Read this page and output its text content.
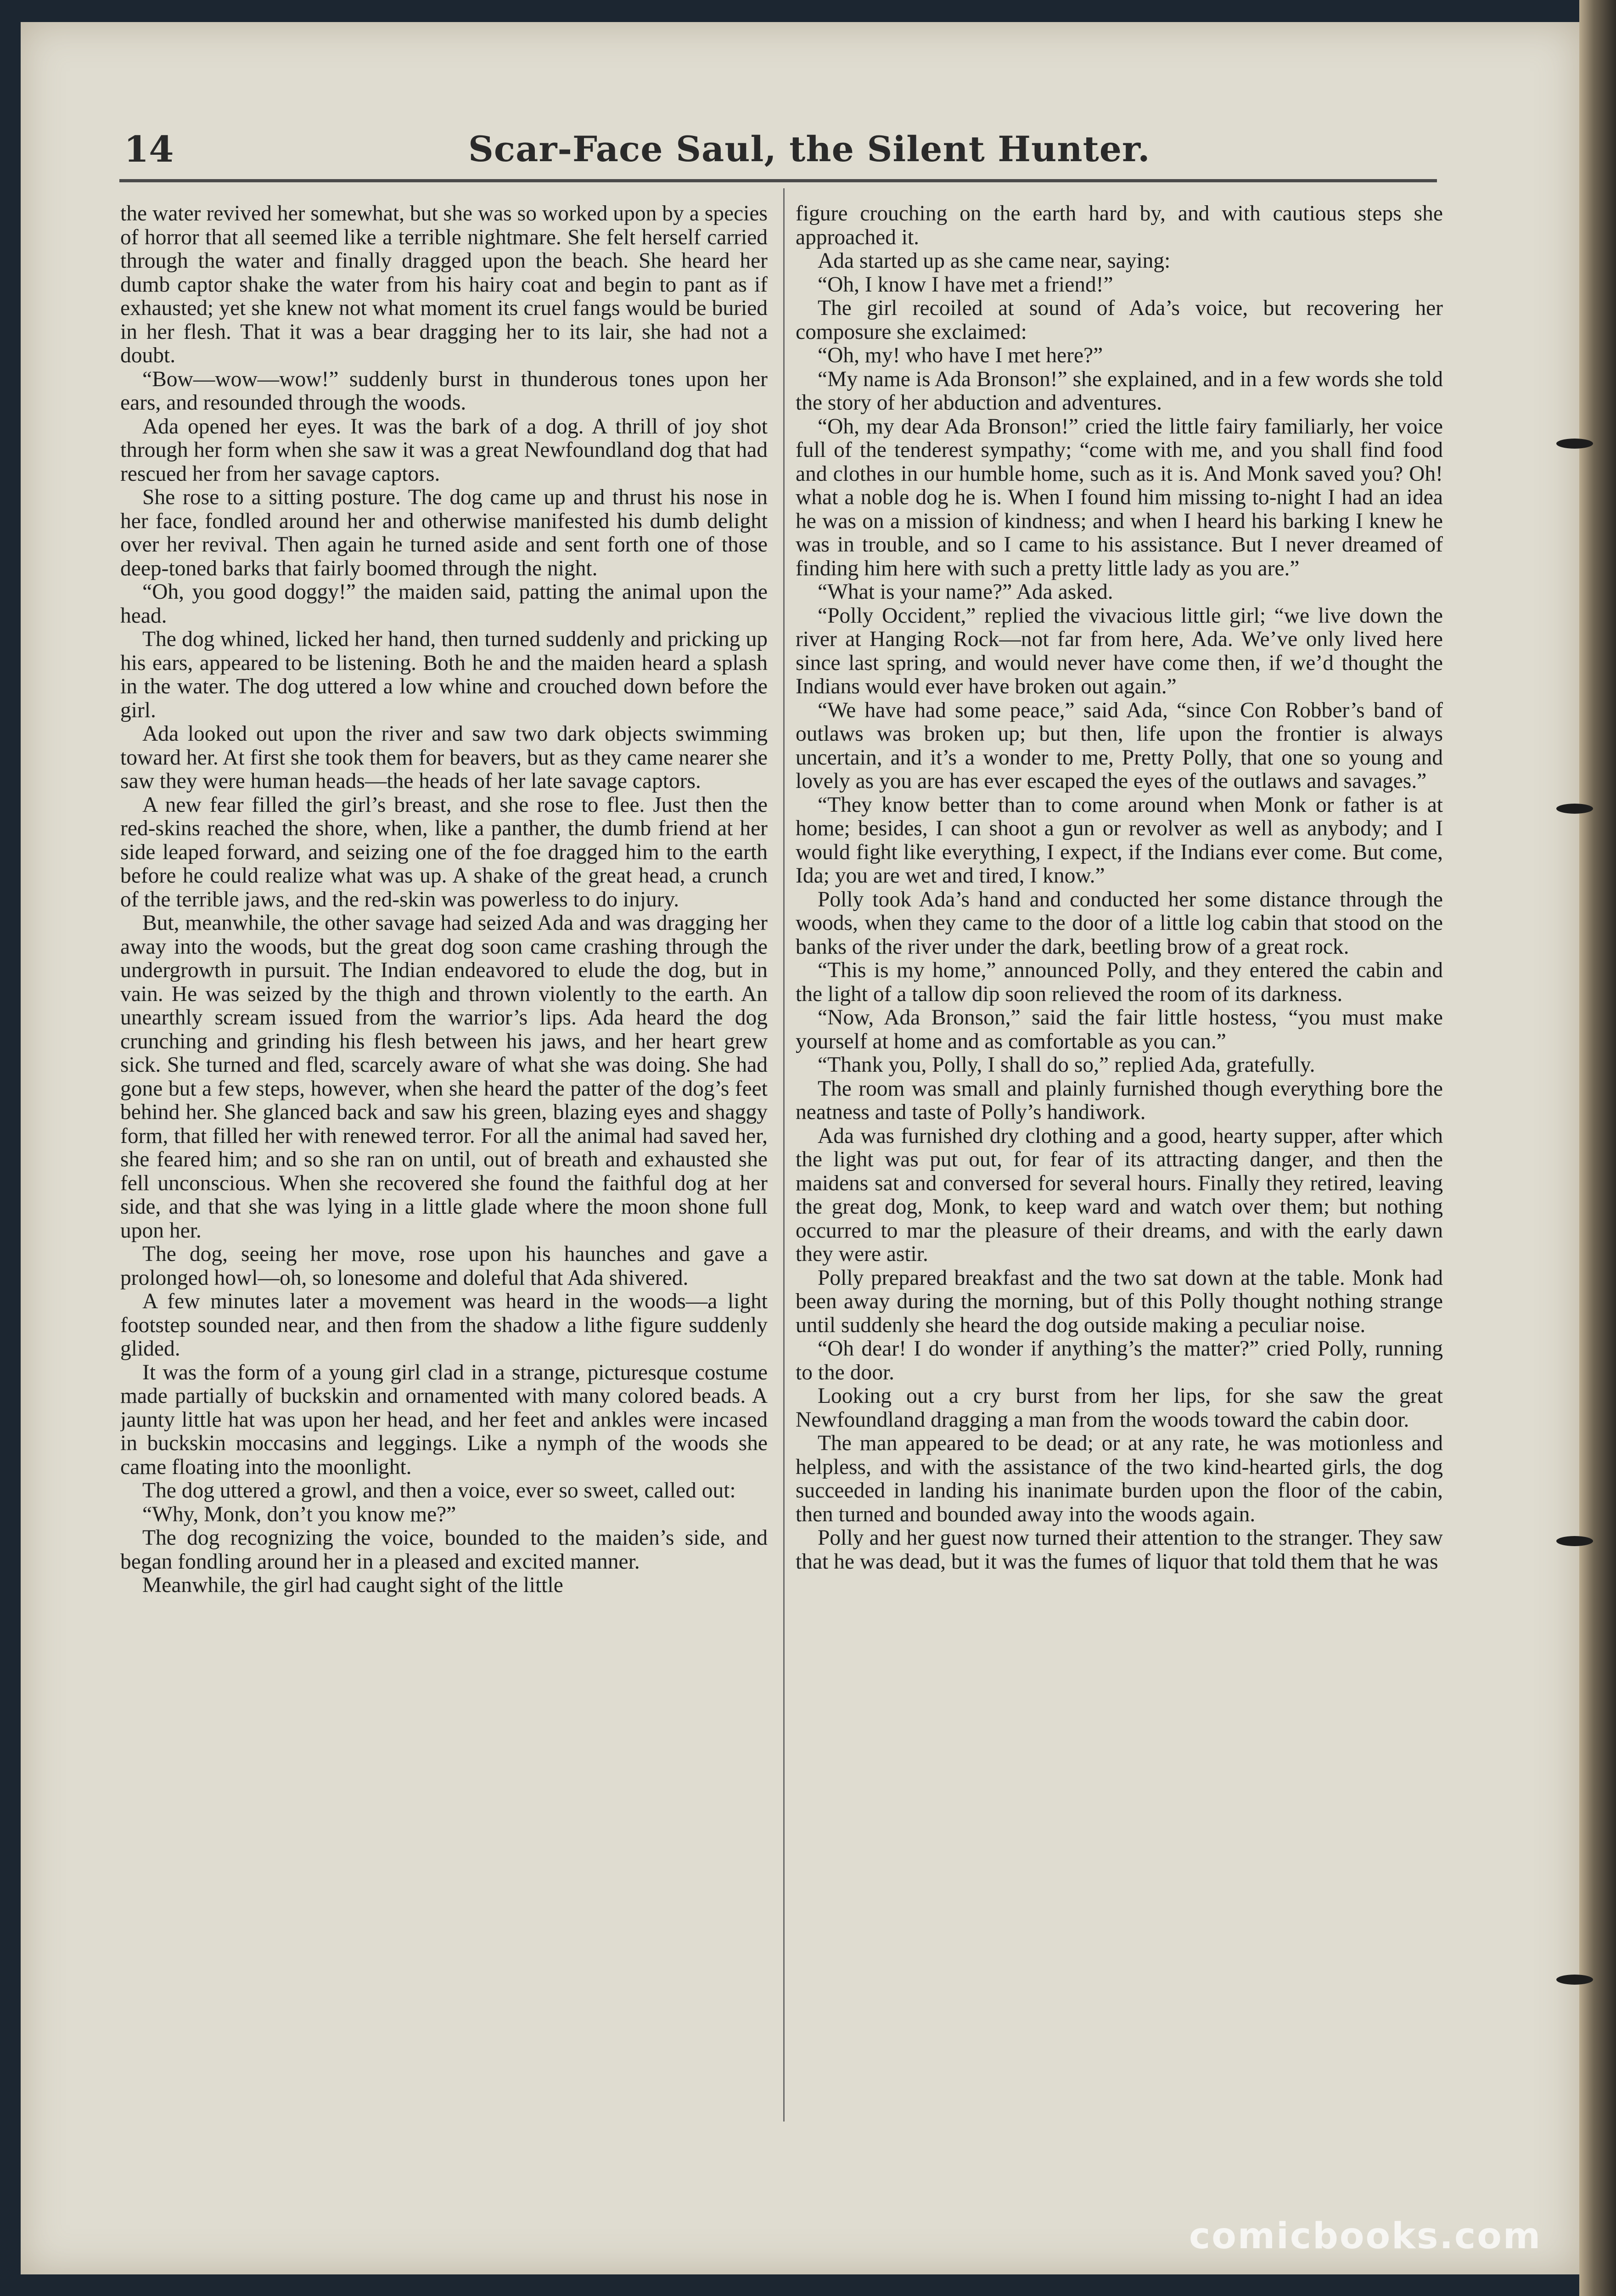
14	Scar-Face Saul, the Silent Hunter.

the water revived her somewhat, but she was so worked upon by a species of horror that all seemed like a terrible nightmare. She felt herself carried through the water and finally dragged upon the beach. She heard her dumb captor shake the water from his hairy coat and begin to pant as if exhausted; yet she knew not what moment its cruel fangs would be buried in her flesh. That it was a bear dragging her to its lair, she had not a doubt.

“Bow—wow—wow!” suddenly burst in thunderous tones upon her ears, and resounded through the woods.

Ada opened her eyes. It was the bark of a dog. A thrill of joy shot through her form when she saw it was a great Newfoundland dog that had rescued her from her savage captors.

She rose to a sitting posture. The dog came up and thrust his nose in her face, fondled around her and otherwise manifested his dumb delight over her revival. Then again he turned aside and sent forth one of those deep-toned barks that fairly boomed through the night.

“Oh, you good doggy!” the maiden said, patting the animal upon the head.

The dog whined, licked her hand, then turned suddenly and pricking up his ears, appeared to be listening. Both he and the maiden heard a splash in the water. The dog uttered a low whine and crouched down before the girl.

Ada looked out upon the river and saw two dark objects swimming toward her. At first she took them for beavers, but as they came nearer she saw they were human heads—the heads of her late savage captors.

A new fear filled the girl’s breast, and she rose to flee. Just then the red-skins reached the shore, when, like a panther, the dumb friend at her side leaped forward, and seizing one of the foe dragged him to the earth before he could realize what was up. A shake of the great head, a crunch of the terrible jaws, and the red-skin was powerless to do injury.

But, meanwhile, the other savage had seized Ada and was dragging her away into the woods, but the great dog soon came crashing through the undergrowth in pursuit. The Indian endeavored to elude the dog, but in vain. He was seized by the thigh and thrown violently to the earth. An unearthly scream issued from the warrior’s lips. Ada heard the dog crunching and grinding his flesh between his jaws, and her heart grew sick. She turned and fled, scarcely aware of what she was doing. She had gone but a few steps, however, when she heard the patter of the dog’s feet behind her. She glanced back and saw his green, blazing eyes and shaggy form, that filled her with renewed terror. For all the animal had saved her, she feared him; and so she ran on until, out of breath and exhausted she fell unconscious. When she recovered she found the faithful dog at her side, and that she was lying in a little glade where the moon shone full upon her.

The dog, seeing her move, rose upon his haunches and gave a prolonged howl—oh, so lonesome and doleful that Ada shivered.

A few minutes later a movement was heard in the woods—a light footstep sounded near, and then from the shadow a lithe figure suddenly glided.

It was the form of a young girl clad in a strange, picturesque costume made partially of buckskin and ornamented with many colored beads. A jaunty little hat was upon her head, and her feet and ankles were incased in buckskin moccasins and leggings. Like a nymph of the woods she came floating into the moonlight.

The dog uttered a growl, and then a voice, ever so sweet, called out:

“Why, Monk, don’t you know me?”

The dog recognizing the voice, bounded to the maiden’s side, and began fondling around her in a pleased and excited manner.

Meanwhile, the girl had caught sight of the little

figure crouching on the earth hard by, and with cautious steps she approached it.

Ada started up as she came near, saying:

“Oh, I know I have met a friend!”

The girl recoiled at sound of Ada’s voice, but recovering her composure she exclaimed:

“Oh, my! who have I met here?”

“My name is Ada Bronson!” she explained, and in a few words she told the story of her abduction and adventures.

“Oh, my dear Ada Bronson!” cried the little fairy familiarly, her voice full of the tenderest sympathy; “come with me, and you shall find food and clothes in our humble home, such as it is. And Monk saved you? Oh! what a noble dog he is. When I found him missing to-night I had an idea he was on a mission of kindness; and when I heard his barking I knew he was in trouble, and so I came to his assistance. But I never dreamed of finding him here with such a pretty little lady as you are.”

“What is your name?” Ada asked.

“Polly Occident,” replied the vivacious little girl; “we live down the river at Hanging Rock—not far from here, Ada. We’ve only lived here since last spring, and would never have come then, if we’d thought the Indians would ever have broken out again.”

“We have had some peace,” said Ada, “since Con Robber’s band of outlaws was broken up; but then, life upon the frontier is always uncertain, and it’s a wonder to me, Pretty Polly, that one so young and lovely as you are has ever escaped the eyes of the outlaws and savages.”

“They know better than to come around when Monk or father is at home; besides, I can shoot a gun or revolver as well as anybody; and I would fight like everything, I expect, if the Indians ever come. But come, Ida; you are wet and tired, I know.”

Polly took Ada’s hand and conducted her some distance through the woods, when they came to the door of a little log cabin that stood on the banks of the river under the dark, beetling brow of a great rock.

“This is my home,” announced Polly, and they entered the cabin and the light of a tallow dip soon relieved the room of its darkness.

“Now, Ada Bronson,” said the fair little hostess, “you must make yourself at home and as comfortable as you can.”

“Thank you, Polly, I shall do so,” replied Ada, gratefully.

The room was small and plainly furnished though everything bore the neatness and taste of Polly’s handiwork.

Ada was furnished dry clothing and a good, hearty supper, after which the light was put out, for fear of its attracting danger, and then the maidens sat and conversed for several hours. Finally they retired, leaving the great dog, Monk, to keep ward and watch over them; but nothing occurred to mar the pleasure of their dreams, and with the early dawn they were astir.

Polly prepared breakfast and the two sat down at the table. Monk had been away during the morning, but of this Polly thought nothing strange until suddenly she heard the dog outside making a peculiar noise.

“Oh dear! I do wonder if anything’s the matter?” cried Polly, running to the door.

Looking out a cry burst from her lips, for she saw the great Newfoundland dragging a man from the woods toward the cabin door.

The man appeared to be dead; or at any rate, he was motionless and helpless, and with the assistance of the two kind-hearted girls, the dog succeeded in landing his inanimate burden upon the floor of the cabin, then turned and bounded away into the woods again.

Polly and her guest now turned their attention to the stranger. They saw that he was dead, but it was the fumes of liquor that told them that he was

comicbooks.com
